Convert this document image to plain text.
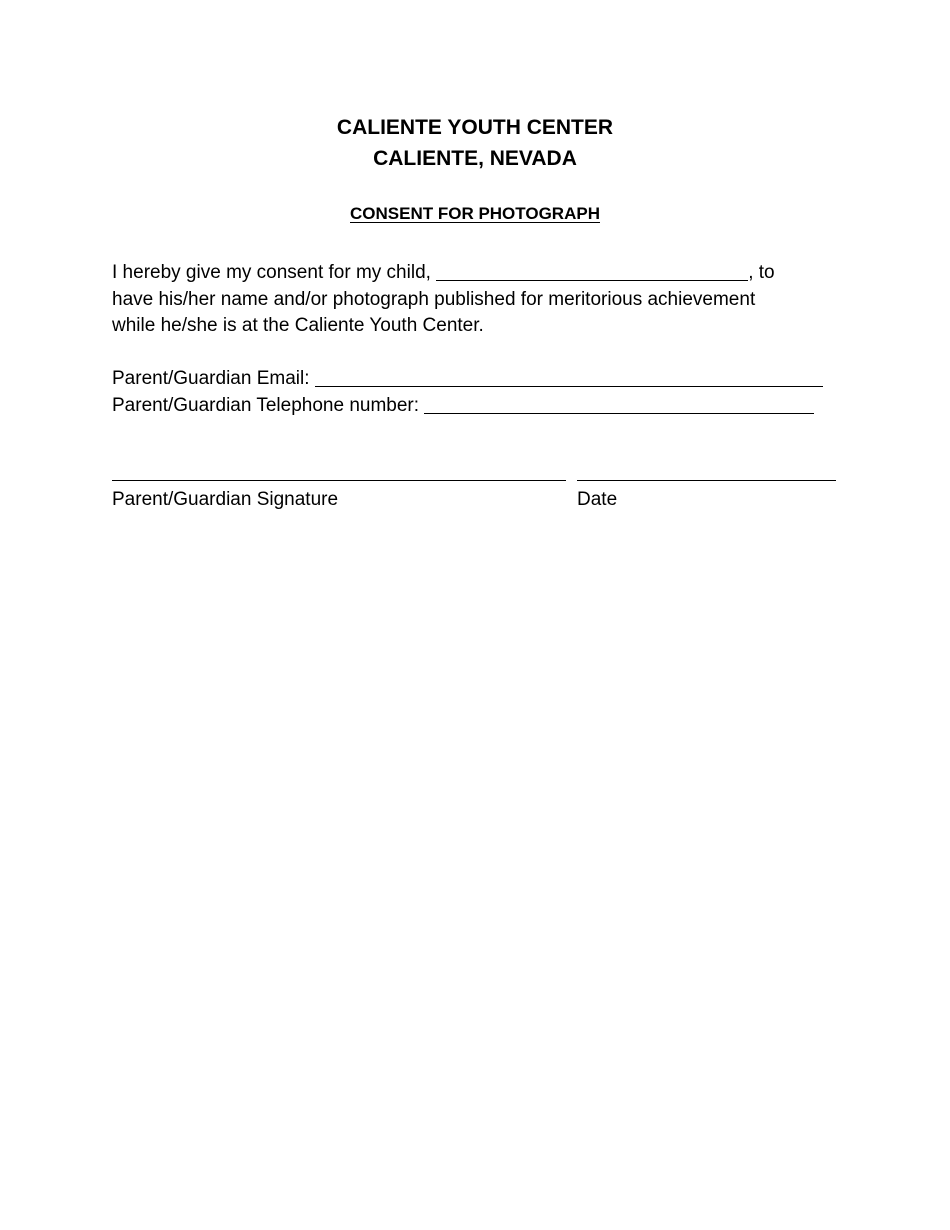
CALIENTE YOUTH CENTER
CALIENTE, NEVADA
CONSENT FOR PHOTOGRAPH
I hereby give my consent for my child,	, to
have his/her name and/or photograph published for meritorious achievement
while he/she is at the Caliente Youth Center.
Parent/Guardian Email:
Parent/Guardian Telephone number:
Parent/Guardian Signature	Date
